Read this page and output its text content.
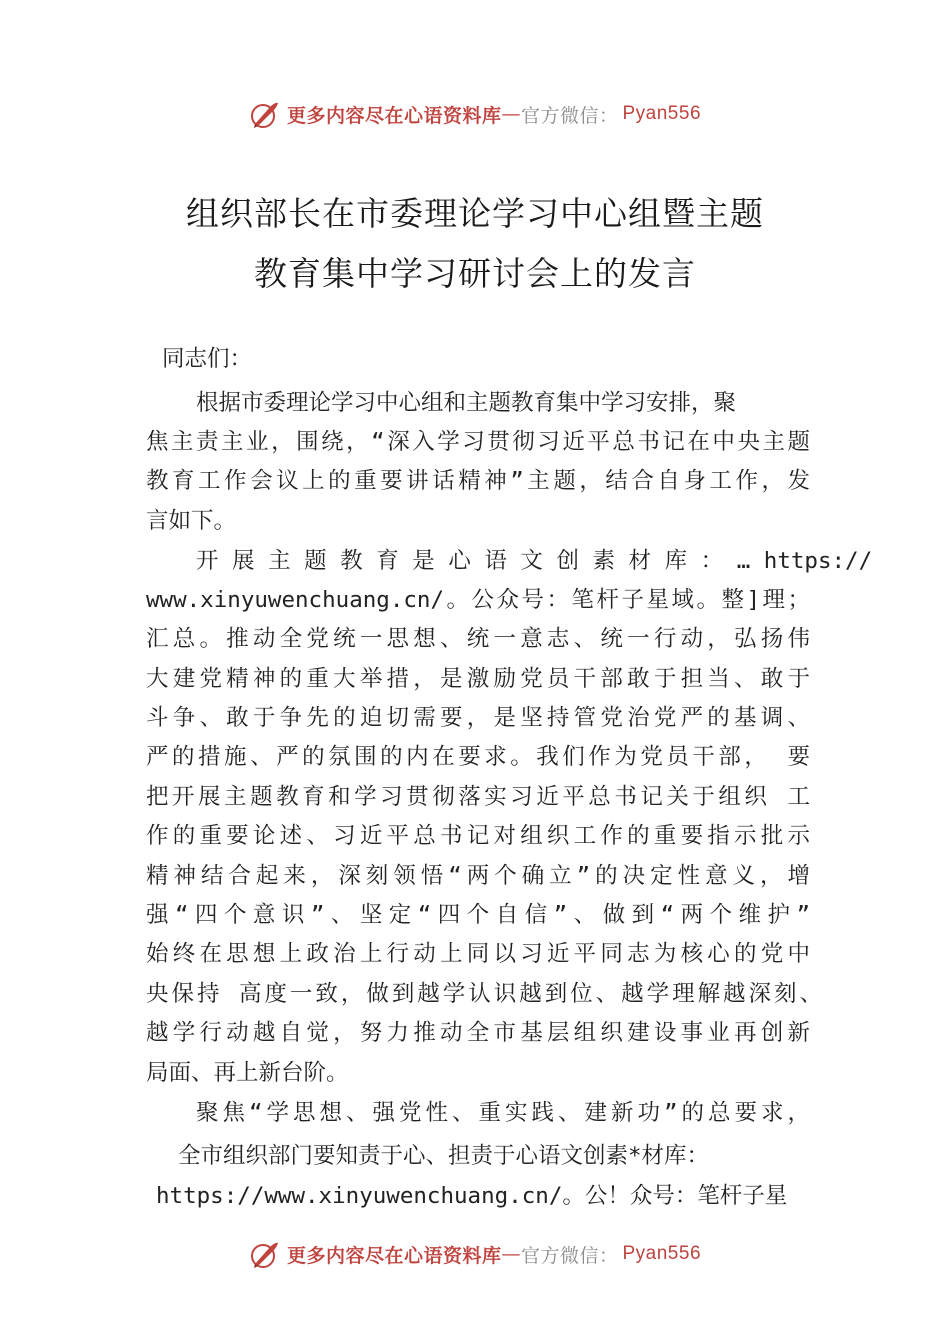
更多内容尽在心语资料库 — 官方微信： Pyan556
组织部长在市委理论学习中心组暨主题
教育集中学习研讨会上的发言
同志们：
根据市委理论学习中心组和主题教育集中学习安排，聚
焦主责主业，围绕，“深入学习贯彻习近平总书记在中央主题
教育工作会议上的重要讲话精神”主题，结合自身工作，发
言如下。
开 展 主 题 教 育 是 心 语 文 创 素 材 库 ： … https://
www.xinyuwenchuang.cn/。公众号：笔杆子星域。整]理；
汇总。推动全党统一思想、统一意志、统一行动，弘扬伟
大建党精神的重大举措，是激励党员干部敢于担当、敢于
斗争、敢于争先的迫切需要，是坚持管党治党严的基调、
严的措施、严的氛围的内在要求。我们作为党员干部， 要
把开展主题教育和学习贯彻落实习近平总书记关于组织 工
作的重要论述、习近平总书记对组织工作的重要指示批示
精神结合起来，深刻领悟“两个确立”的决定性意义，增
强“四个意识”、坚定“四个自信”、做到“两个维护”
始终在思想上政治上行动上同以习近平同志为核心的党中
央保持 高度一致，做到越学认识越到位、越学理解越深刻、
越学行动越自觉，努力推动全市基层组织建设事业再创新
局面、再上新台阶。
聚焦“学思想、强党性、重实践、建新功”的总要求，
全市组织部门要知责于心、担责于心语文创素*材库：
https://www.xinyuwenchuang.cn/。公！众号：笔杆子星
更多内容尽在心语资料库 — 官方微信： Pyan556
